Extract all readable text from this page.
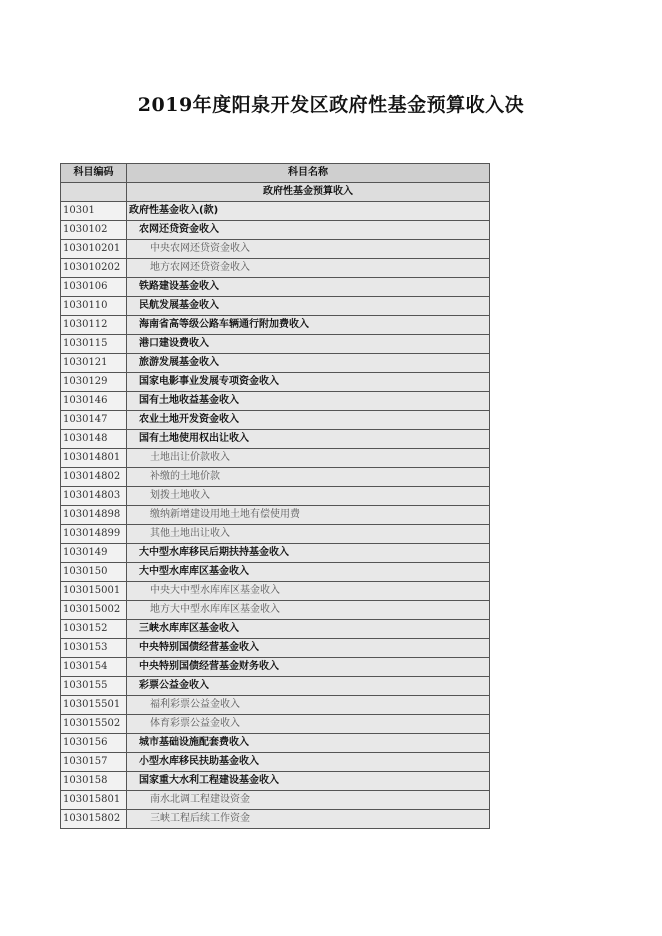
2019年度阳泉开发区政府性基金预算收入决
科目编码	科目名称
	政府性基金预算收入
10301	政府性基金收入(款)
1030102	农网还贷资金收入
103010201	中央农网还贷资金收入
103010202	地方农网还贷资金收入
1030106	铁路建设基金收入
1030110	民航发展基金收入
1030112	海南省高等级公路车辆通行附加费收入
1030115	港口建设费收入
1030121	旅游发展基金收入
1030129	国家电影事业发展专项资金收入
1030146	国有土地收益基金收入
1030147	农业土地开发资金收入
1030148	国有土地使用权出让收入
103014801	土地出让价款收入
103014802	补缴的土地价款
103014803	划拨土地收入
103014898	缴纳新增建设用地土地有偿使用费
103014899	其他土地出让收入
1030149	大中型水库移民后期扶持基金收入
1030150	大中型水库库区基金收入
103015001	中央大中型水库库区基金收入
103015002	地方大中型水库库区基金收入
1030152	三峡水库库区基金收入
1030153	中央特别国债经营基金收入
1030154	中央特别国债经营基金财务收入
1030155	彩票公益金收入
103015501	福利彩票公益金收入
103015502	体育彩票公益金收入
1030156	城市基础设施配套费收入
1030157	小型水库移民扶助基金收入
1030158	国家重大水利工程建设基金收入
103015801	南水北调工程建设资金
103015802	三峡工程后续工作资金
